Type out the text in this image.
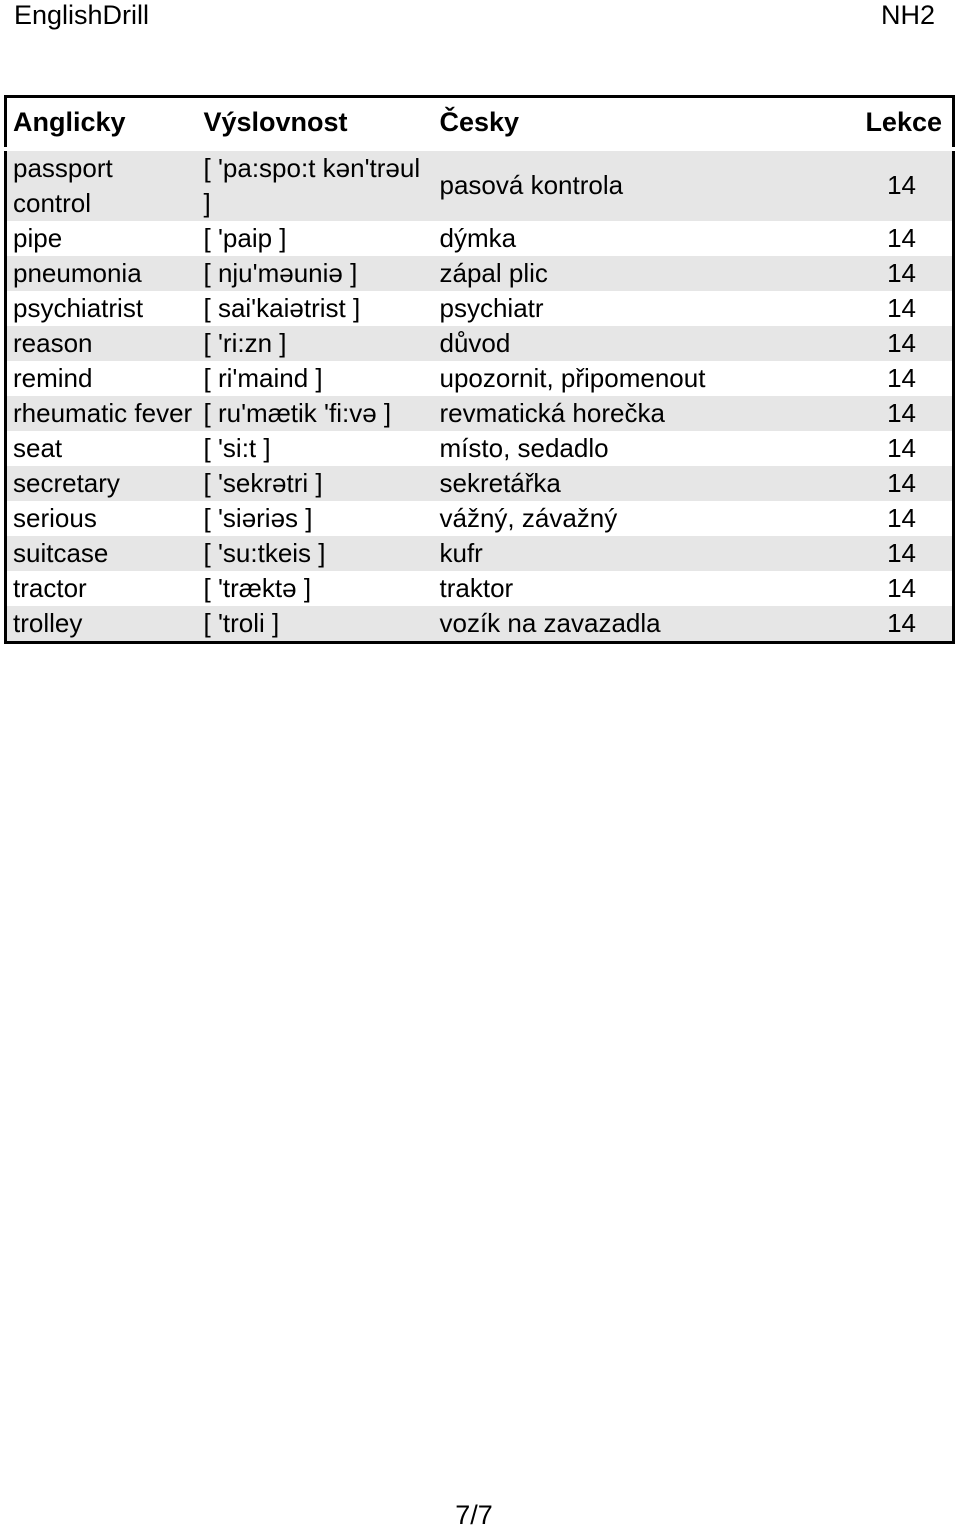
EnglishDrill	NH2
Anglicky	Výslovnost	Česky	Lekce
passport control	[ 'pa:spo:t kən'trəul ]	pasová kontrola	14
pipe	[ 'paip ]	dýmka	14
pneumonia	[ nju'məuniə ]	zápal plic	14
psychiatrist	[ sai'kaiətrist ]	psychiatr	14
reason	[ 'ri:zn ]	důvod	14
remind	[ ri'maind ]	upozornit, připomenout	14
rheumatic fever	[ ru'mætik 'fi:və ]	revmatická horečka	14
seat	[ 'si:t ]	místo, sedadlo	14
secretary	[ 'sekrətri ]	sekretářka	14
serious	[ 'siəriəs ]	vážný, závažný	14
suitcase	[ 'su:tkeis ]	kufr	14
tractor	[ 'træktə ]	traktor	14
trolley	[ 'troli ]	vozík na zavazadla	14
7/7
